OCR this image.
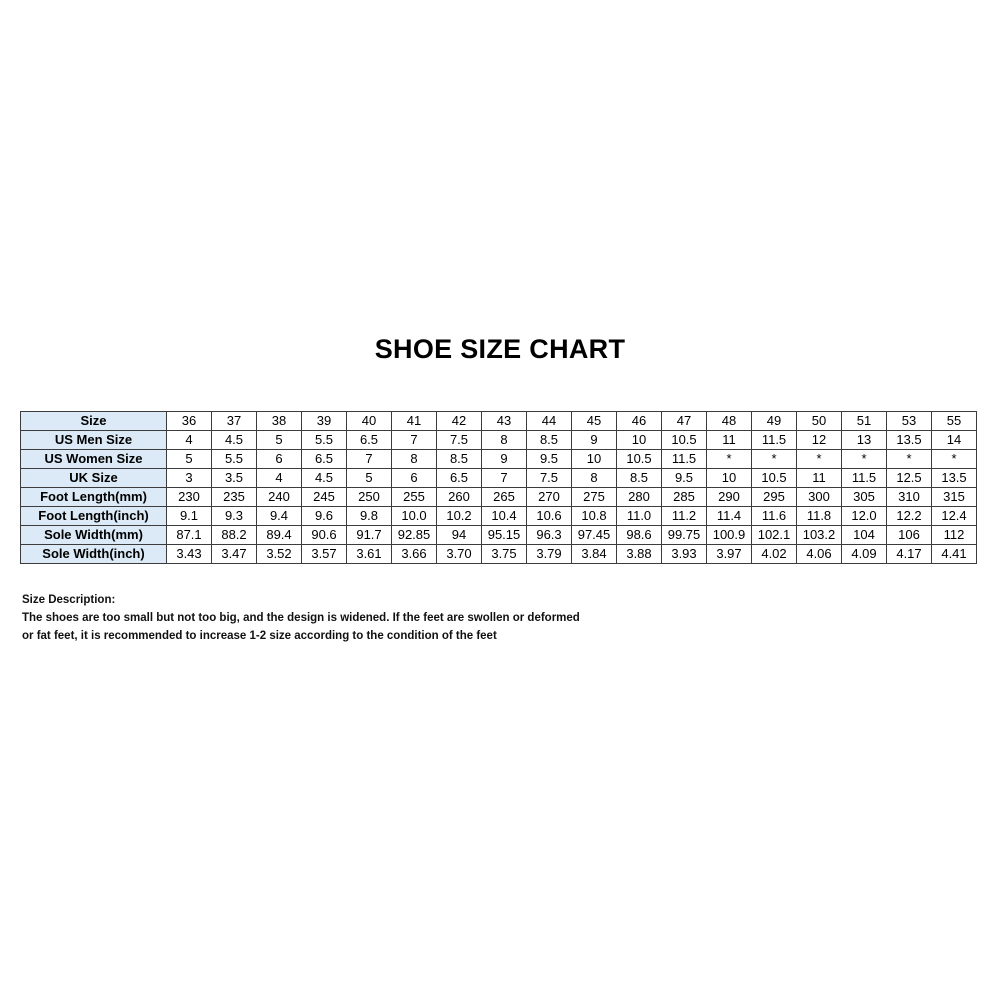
SHOE SIZE CHART
Size	36	37	38	39	40	41	42	43	44	45	46	47	48	49	50	51	53	55
US Men Size	4	4.5	5	5.5	6.5	7	7.5	8	8.5	9	10	10.5	11	11.5	12	13	13.5	14
US Women Size	5	5.5	6	6.5	7	8	8.5	9	9.5	10	10.5	11.5	*	*	*	*	*	*
UK Size	3	3.5	4	4.5	5	6	6.5	7	7.5	8	8.5	9.5	10	10.5	11	11.5	12.5	13.5
Foot Length(mm)	230	235	240	245	250	255	260	265	270	275	280	285	290	295	300	305	310	315
Foot Length(inch)	9.1	9.3	9.4	9.6	9.8	10.0	10.2	10.4	10.6	10.8	11.0	11.2	11.4	11.6	11.8	12.0	12.2	12.4
Sole Width(mm)	87.1	88.2	89.4	90.6	91.7	92.85	94	95.15	96.3	97.45	98.6	99.75	100.9	102.1	103.2	104	106	112
Sole Width(inch)	3.43	3.47	3.52	3.57	3.61	3.66	3.70	3.75	3.79	3.84	3.88	3.93	3.97	4.02	4.06	4.09	4.17	4.41
Size Description:
The shoes are too small but not too big, and the design is widened. If the feet are swollen or deformed
or fat feet, it is recommended to increase 1-2 size according to the condition of the feet
